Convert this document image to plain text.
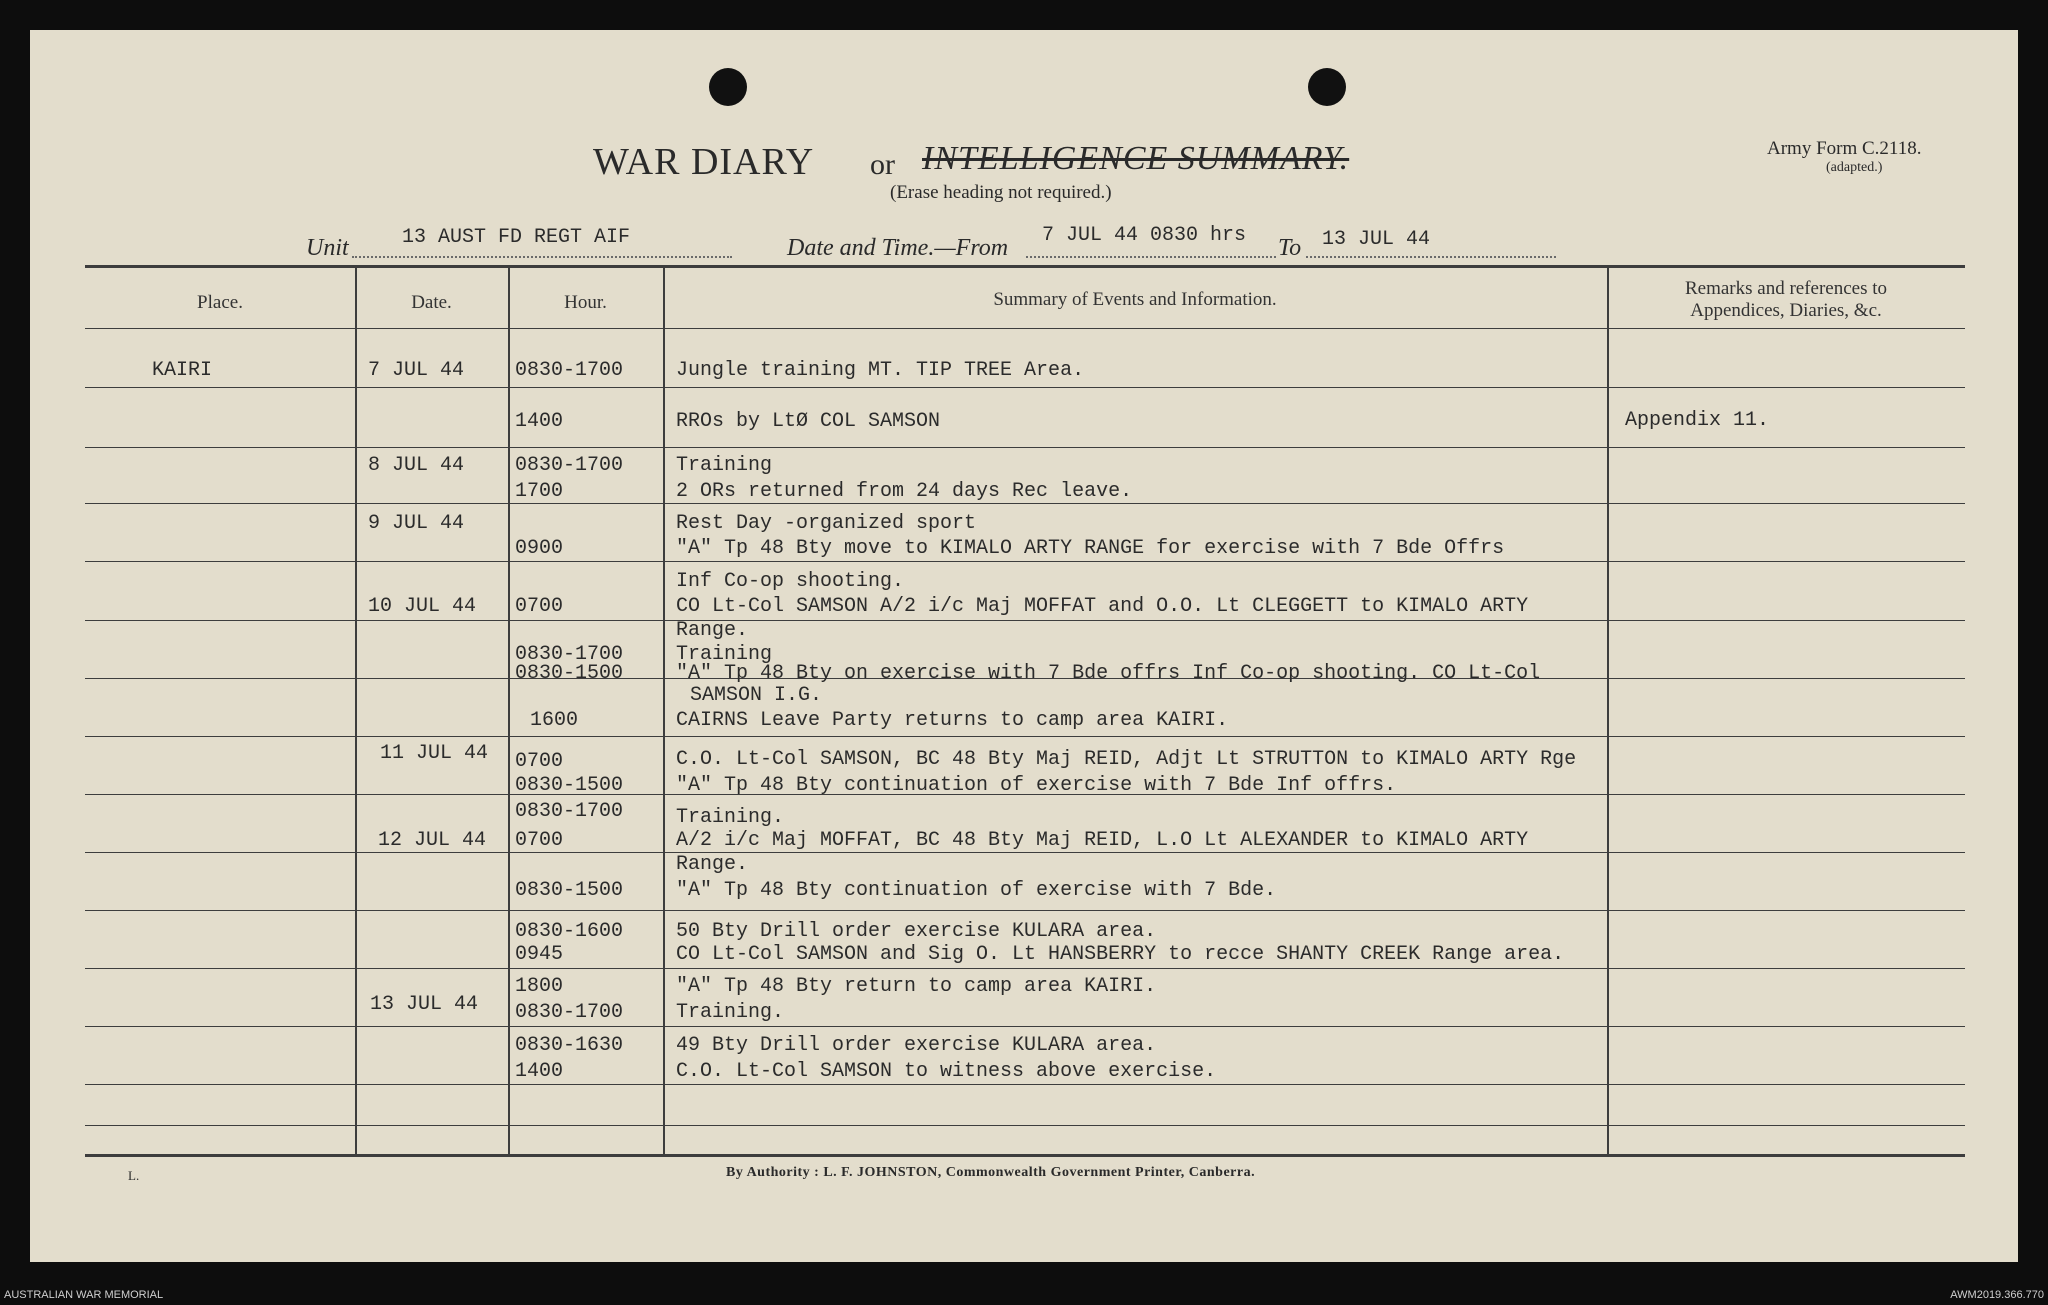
WAR DIARY or INTELLIGENCE SUMMARY.
(Erase heading not required.)
Army Form C.2118.
(adapted.)
Unit	13 AUST FD REGT AIF	Date and Time.—From 7 JUL 44 0830 hrs To 13 JUL 44
Place.	Date.	Hour.	Summary of Events and Information.
Remarks and references to
Appendices, Diaries, &c.
KAIRI	7 JUL 44	0830-1700	Jungle training MT. TIP TREE Area.
1400	RROs by LtØ COL SAMSON	Appendix 11.
8 JUL 44	0830-1700	Training
1700	2 ORs returned from 24 days Rec leave.
9 JUL 44	Rest Day -organized sport
0900	"A" Tp 48 Bty move to KIMALO ARTY RANGE for exercise with 7 Bde Offrs
Inf Co-op shooting.
10 JUL 44 0700	CO Lt-Col SAMSON A/2 i/c Maj MOFFAT and O.O. Lt CLEGGETT to KIMALO ARTY
Range.
0830-1700	Training
0830-1500	"A" Tp 48 Bty on exercise with 7 Bde offrs Inf Co-op shooting. CO Lt-Col
SAMSON I.G.
1600	CAIRNS Leave Party returns to camp area KAIRI.
11 JUL 44 0700	C.O. Lt-Col SAMSON, BC 48 Bty Maj REID, Adjt Lt STRUTTON to KIMALO ARTY Rge
0830-1500	"A" Tp 48 Bty continuation of exercise with 7 Bde Inf offrs.
0830-1700	Training.
12 JUL 44 0700	A/2 i/c Maj MOFFAT, BC 48 Bty Maj REID, L.O Lt ALEXANDER to KIMALO ARTY
Range.
0830-1500	"A" Tp 48 Bty continuation of exercise with 7 Bde.
0830-1600	50 Bty Drill order exercise KULARA area.
0945	CO Lt-Col SAMSON and Sig O. Lt HANSBERRY to recce SHANTY CREEK Range area.
1800	"A" Tp 48 Bty return to camp area KAIRI.
13 JUL 44 0830-1700	Training.
0830-1630	49 Bty Drill order exercise KULARA area.
1400	C.O. Lt-Col SAMSON to witness above exercise.
L.	By Authority : L. F. JOHNSTON, Commonwealth Government Printer, Canberra.
AUSTRALIAN WAR MEMORIAL	AWM2019.366.770
